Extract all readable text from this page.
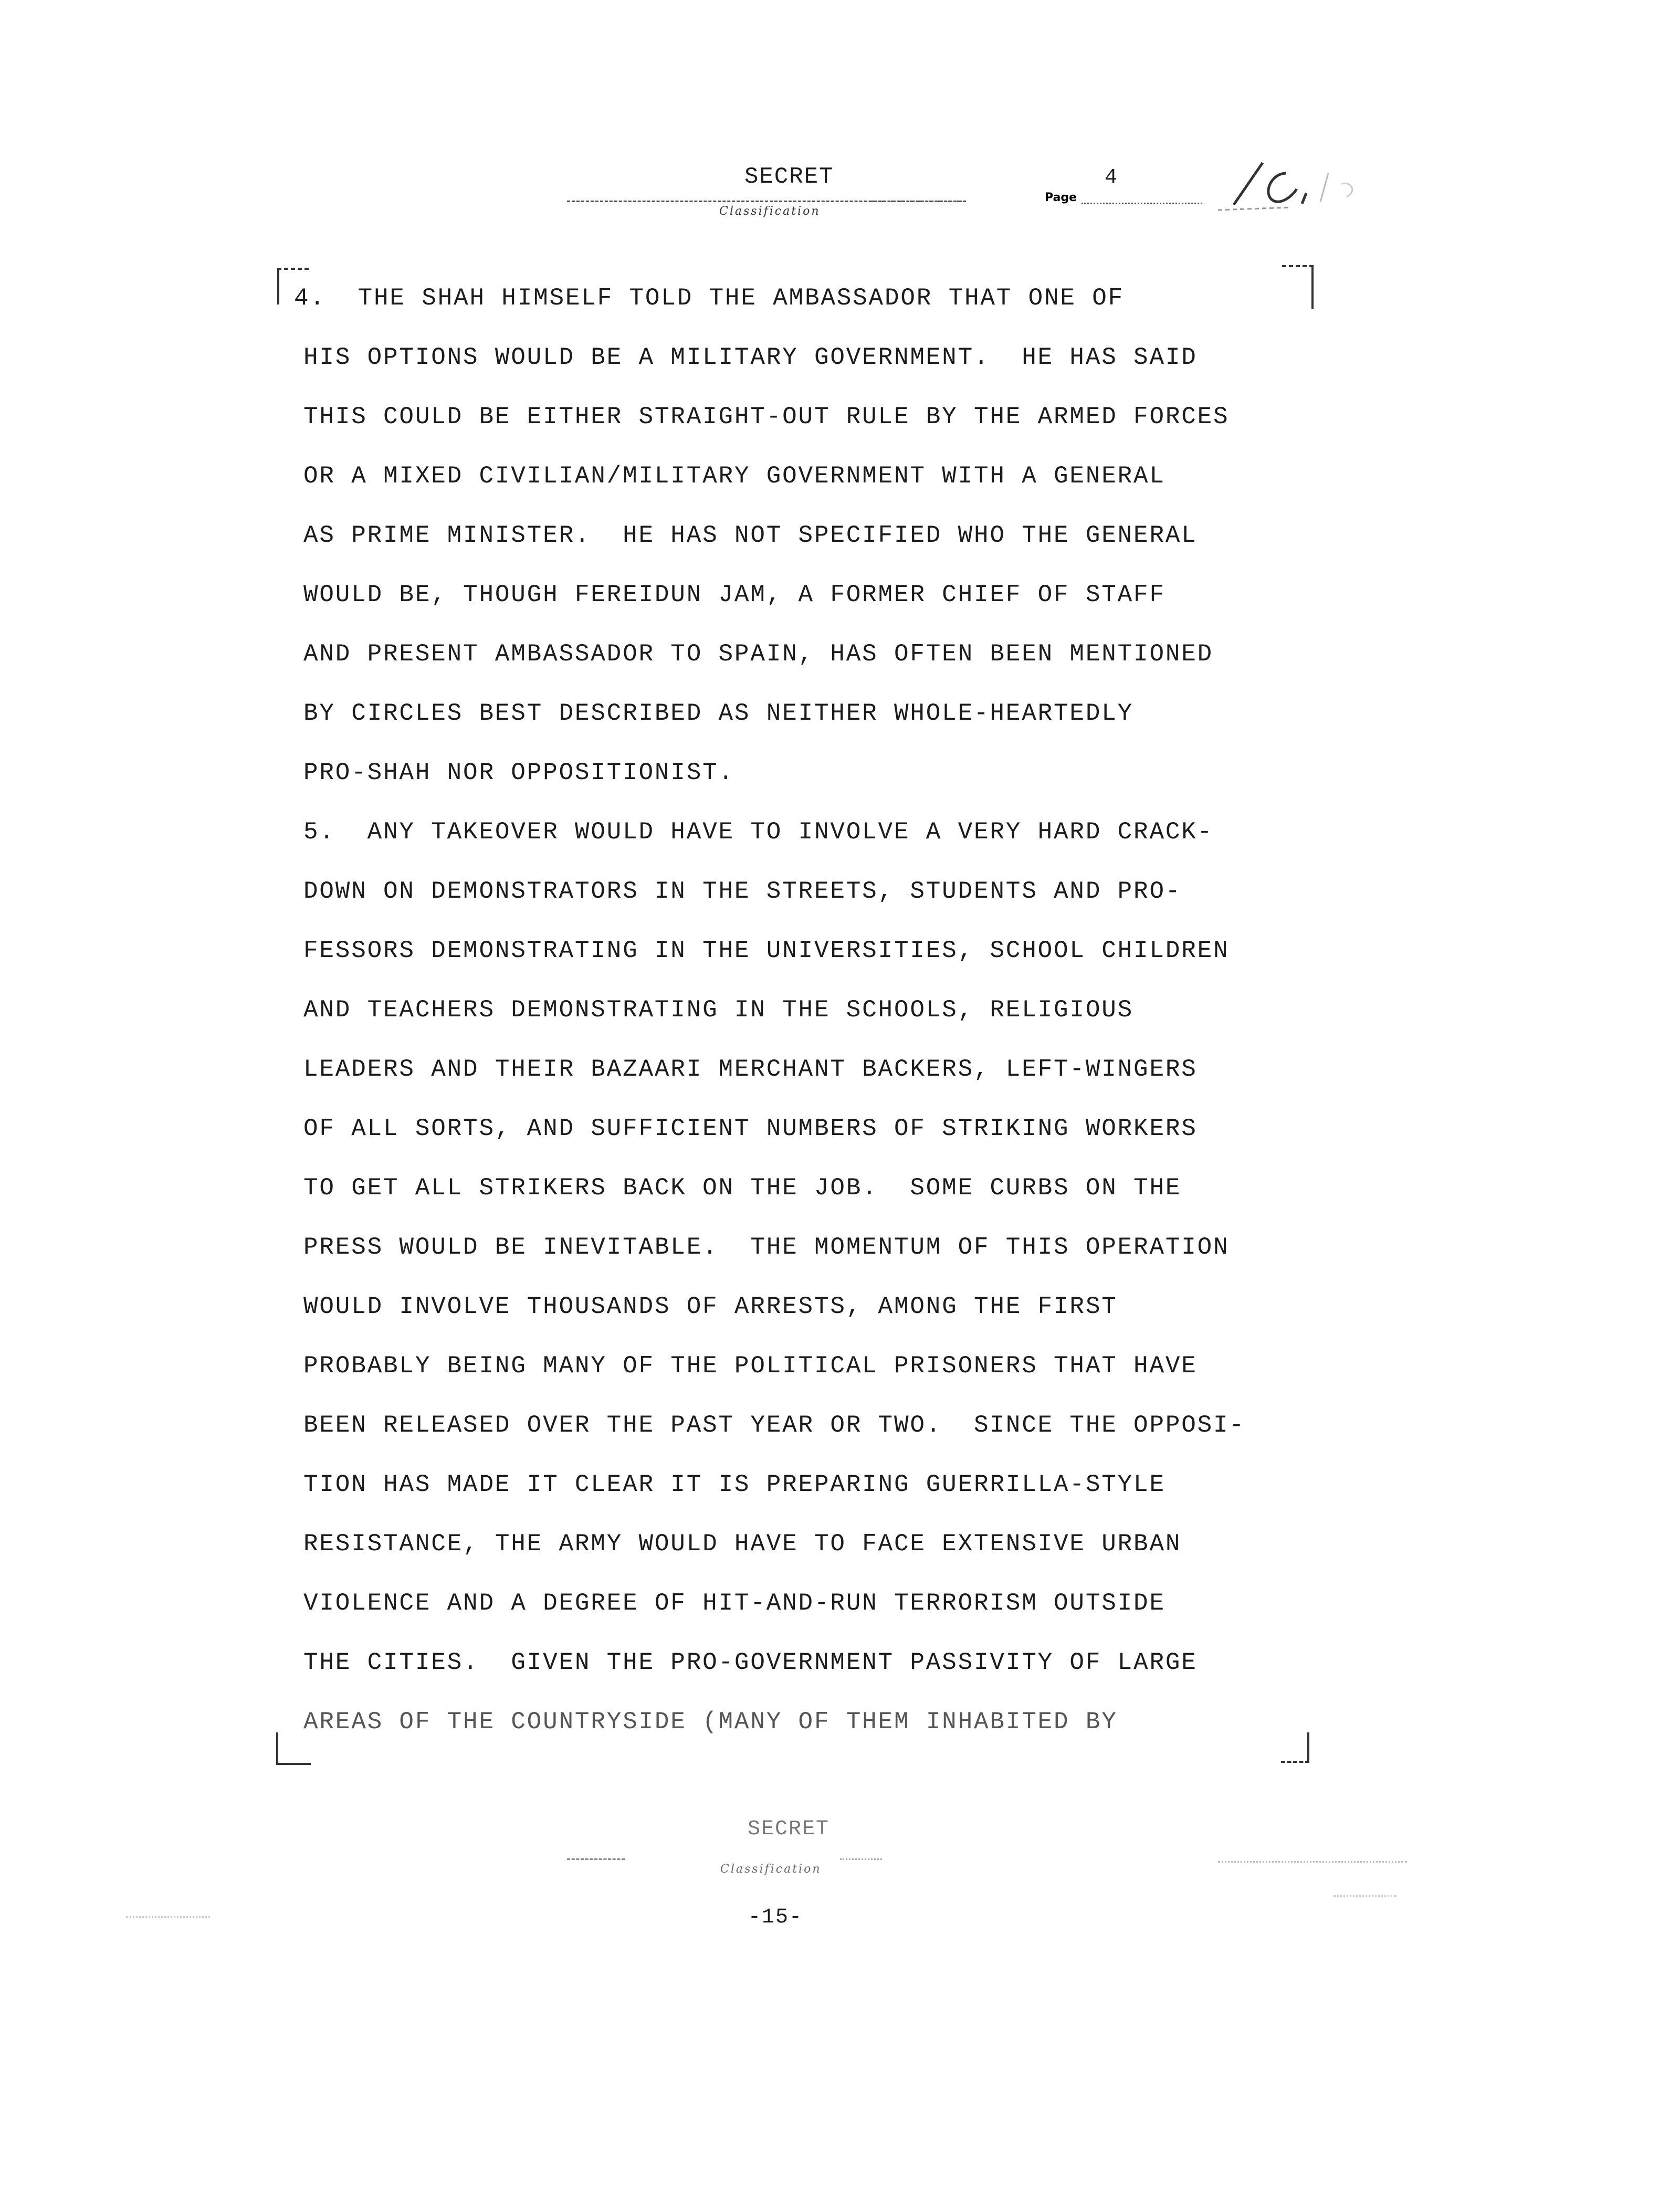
SECRET
Classification
Page
4
4.  THE SHAH HIMSELF TOLD THE AMBASSADOR THAT ONE OF
HIS OPTIONS WOULD BE A MILITARY GOVERNMENT.  HE HAS SAID
THIS COULD BE EITHER STRAIGHT-OUT RULE BY THE ARMED FORCES
OR A MIXED CIVILIAN/MILITARY GOVERNMENT WITH A GENERAL
AS PRIME MINISTER.  HE HAS NOT SPECIFIED WHO THE GENERAL
WOULD BE, THOUGH FEREIDUN JAM, A FORMER CHIEF OF STAFF
AND PRESENT AMBASSADOR TO SPAIN, HAS OFTEN BEEN MENTIONED
BY CIRCLES BEST DESCRIBED AS NEITHER WHOLE-HEARTEDLY
PRO-SHAH NOR OPPOSITIONIST.
5.  ANY TAKEOVER WOULD HAVE TO INVOLVE A VERY HARD CRACK-
DOWN ON DEMONSTRATORS IN THE STREETS, STUDENTS AND PRO-
FESSORS DEMONSTRATING IN THE UNIVERSITIES, SCHOOL CHILDREN
AND TEACHERS DEMONSTRATING IN THE SCHOOLS, RELIGIOUS
LEADERS AND THEIR BAZAARI MERCHANT BACKERS, LEFT-WINGERS
OF ALL SORTS, AND SUFFICIENT NUMBERS OF STRIKING WORKERS
TO GET ALL STRIKERS BACK ON THE JOB.  SOME CURBS ON THE
PRESS WOULD BE INEVITABLE.  THE MOMENTUM OF THIS OPERATION
WOULD INVOLVE THOUSANDS OF ARRESTS, AMONG THE FIRST
PROBABLY BEING MANY OF THE POLITICAL PRISONERS THAT HAVE
BEEN RELEASED OVER THE PAST YEAR OR TWO.  SINCE THE OPPOSI-
TION HAS MADE IT CLEAR IT IS PREPARING GUERRILLA-STYLE
RESISTANCE, THE ARMY WOULD HAVE TO FACE EXTENSIVE URBAN
VIOLENCE AND A DEGREE OF HIT-AND-RUN TERRORISM OUTSIDE
THE CITIES.  GIVEN THE PRO-GOVERNMENT PASSIVITY OF LARGE
AREAS OF THE COUNTRYSIDE (MANY OF THEM INHABITED BY
SECRET
Classification
-15-
